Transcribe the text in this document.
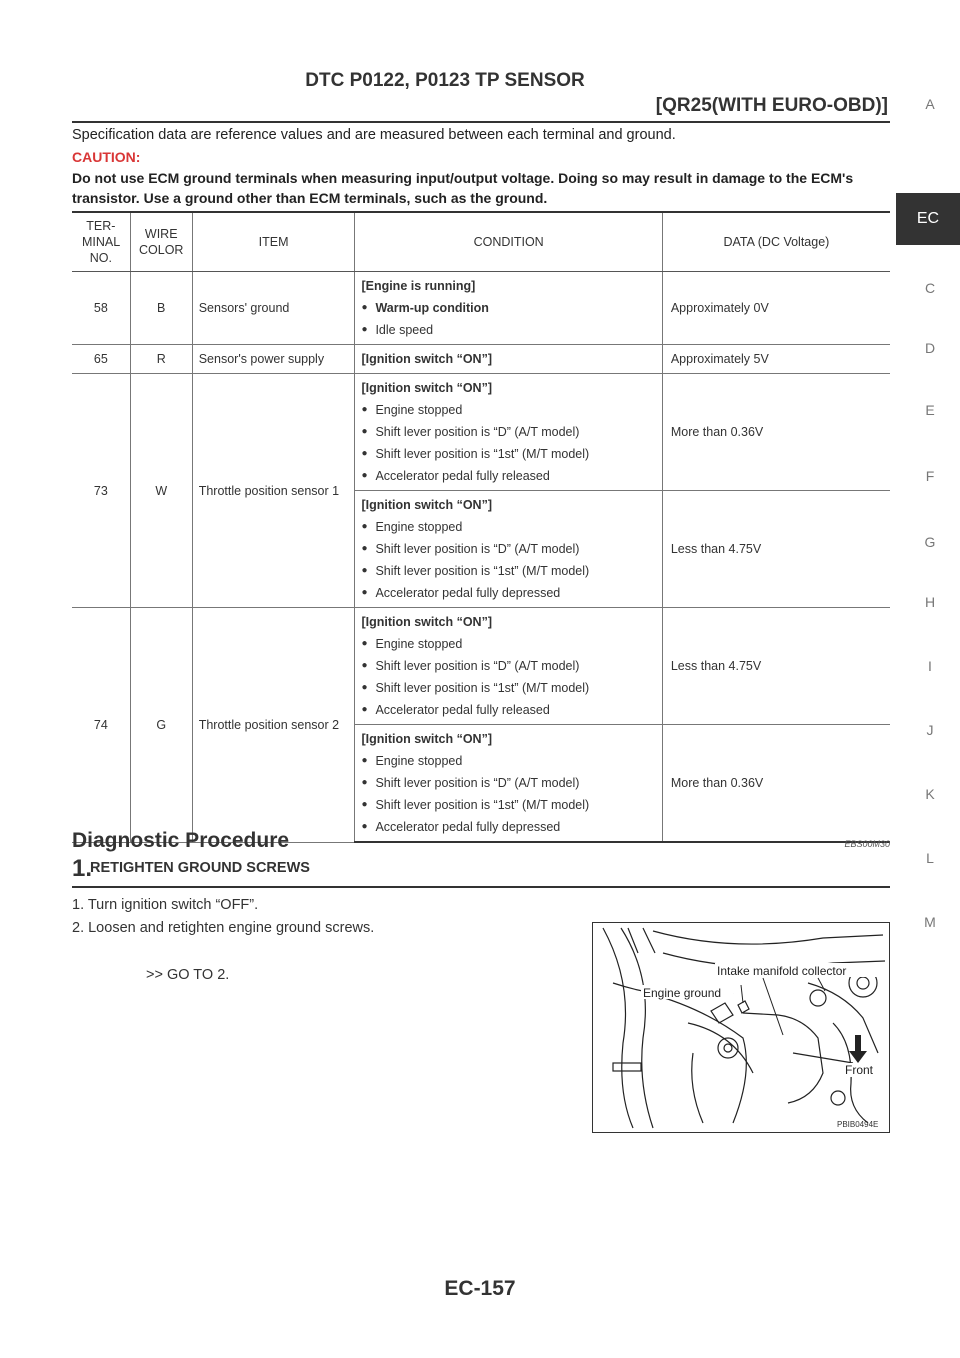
DTC P0122, P0123 TP SENSOR
[QR25(WITH EURO-OBD)]	A
EC
C
D
E
F
G
H
I
J
K
L
M
Specification data are reference values and are measured between each terminal and ground.
CAUTION:
Do not use ECM ground terminals when measuring input/output voltage. Doing so may result in damage to the ECM's transistor. Use a ground other than ECM terminals, such as the ground.
TER-MINAL NO.	WIRE COLOR	ITEM	CONDITION	DATA (DC Voltage)
58	B	Sensors' ground	[Engine is running]
● Warm-up condition
● Idle speed	Approximately 0V
65	R	Sensor's power supply	[Ignition switch “ON”]	Approximately 5V
73	W	Throttle position sensor 1	[Ignition switch “ON”]
● Engine stopped
● Shift lever position is “D” (A/T model)
● Shift lever position is “1st” (M/T model)
● Accelerator pedal fully released	More than 0.36V

			[Ignition switch “ON”]
● Engine stopped
● Shift lever position is “D” (A/T model)
● Shift lever position is “1st” (M/T model)
● Accelerator pedal fully depressed	Less than 4.75V
74	G	Throttle position sensor 2	[Ignition switch “ON”]
● Engine stopped
● Shift lever position is “D” (A/T model)
● Shift lever position is “1st” (M/T model)
● Accelerator pedal fully released	Less than 4.75V

			[Ignition switch “ON”]
● Engine stopped
● Shift lever position is “D” (A/T model)
● Shift lever position is “1st” (M/T model)
● Accelerator pedal fully depressed	More than 0.36V
Diagnostic Procedure	EBS00M30
1.
RETIGHTEN GROUND SCREWS
1. Turn ignition switch “OFF”.
2. Loosen and retighten engine ground screws.
>> GO TO 2.	Intake manifold collector
Engine ground
Front
PBIB0494E
EC-157
